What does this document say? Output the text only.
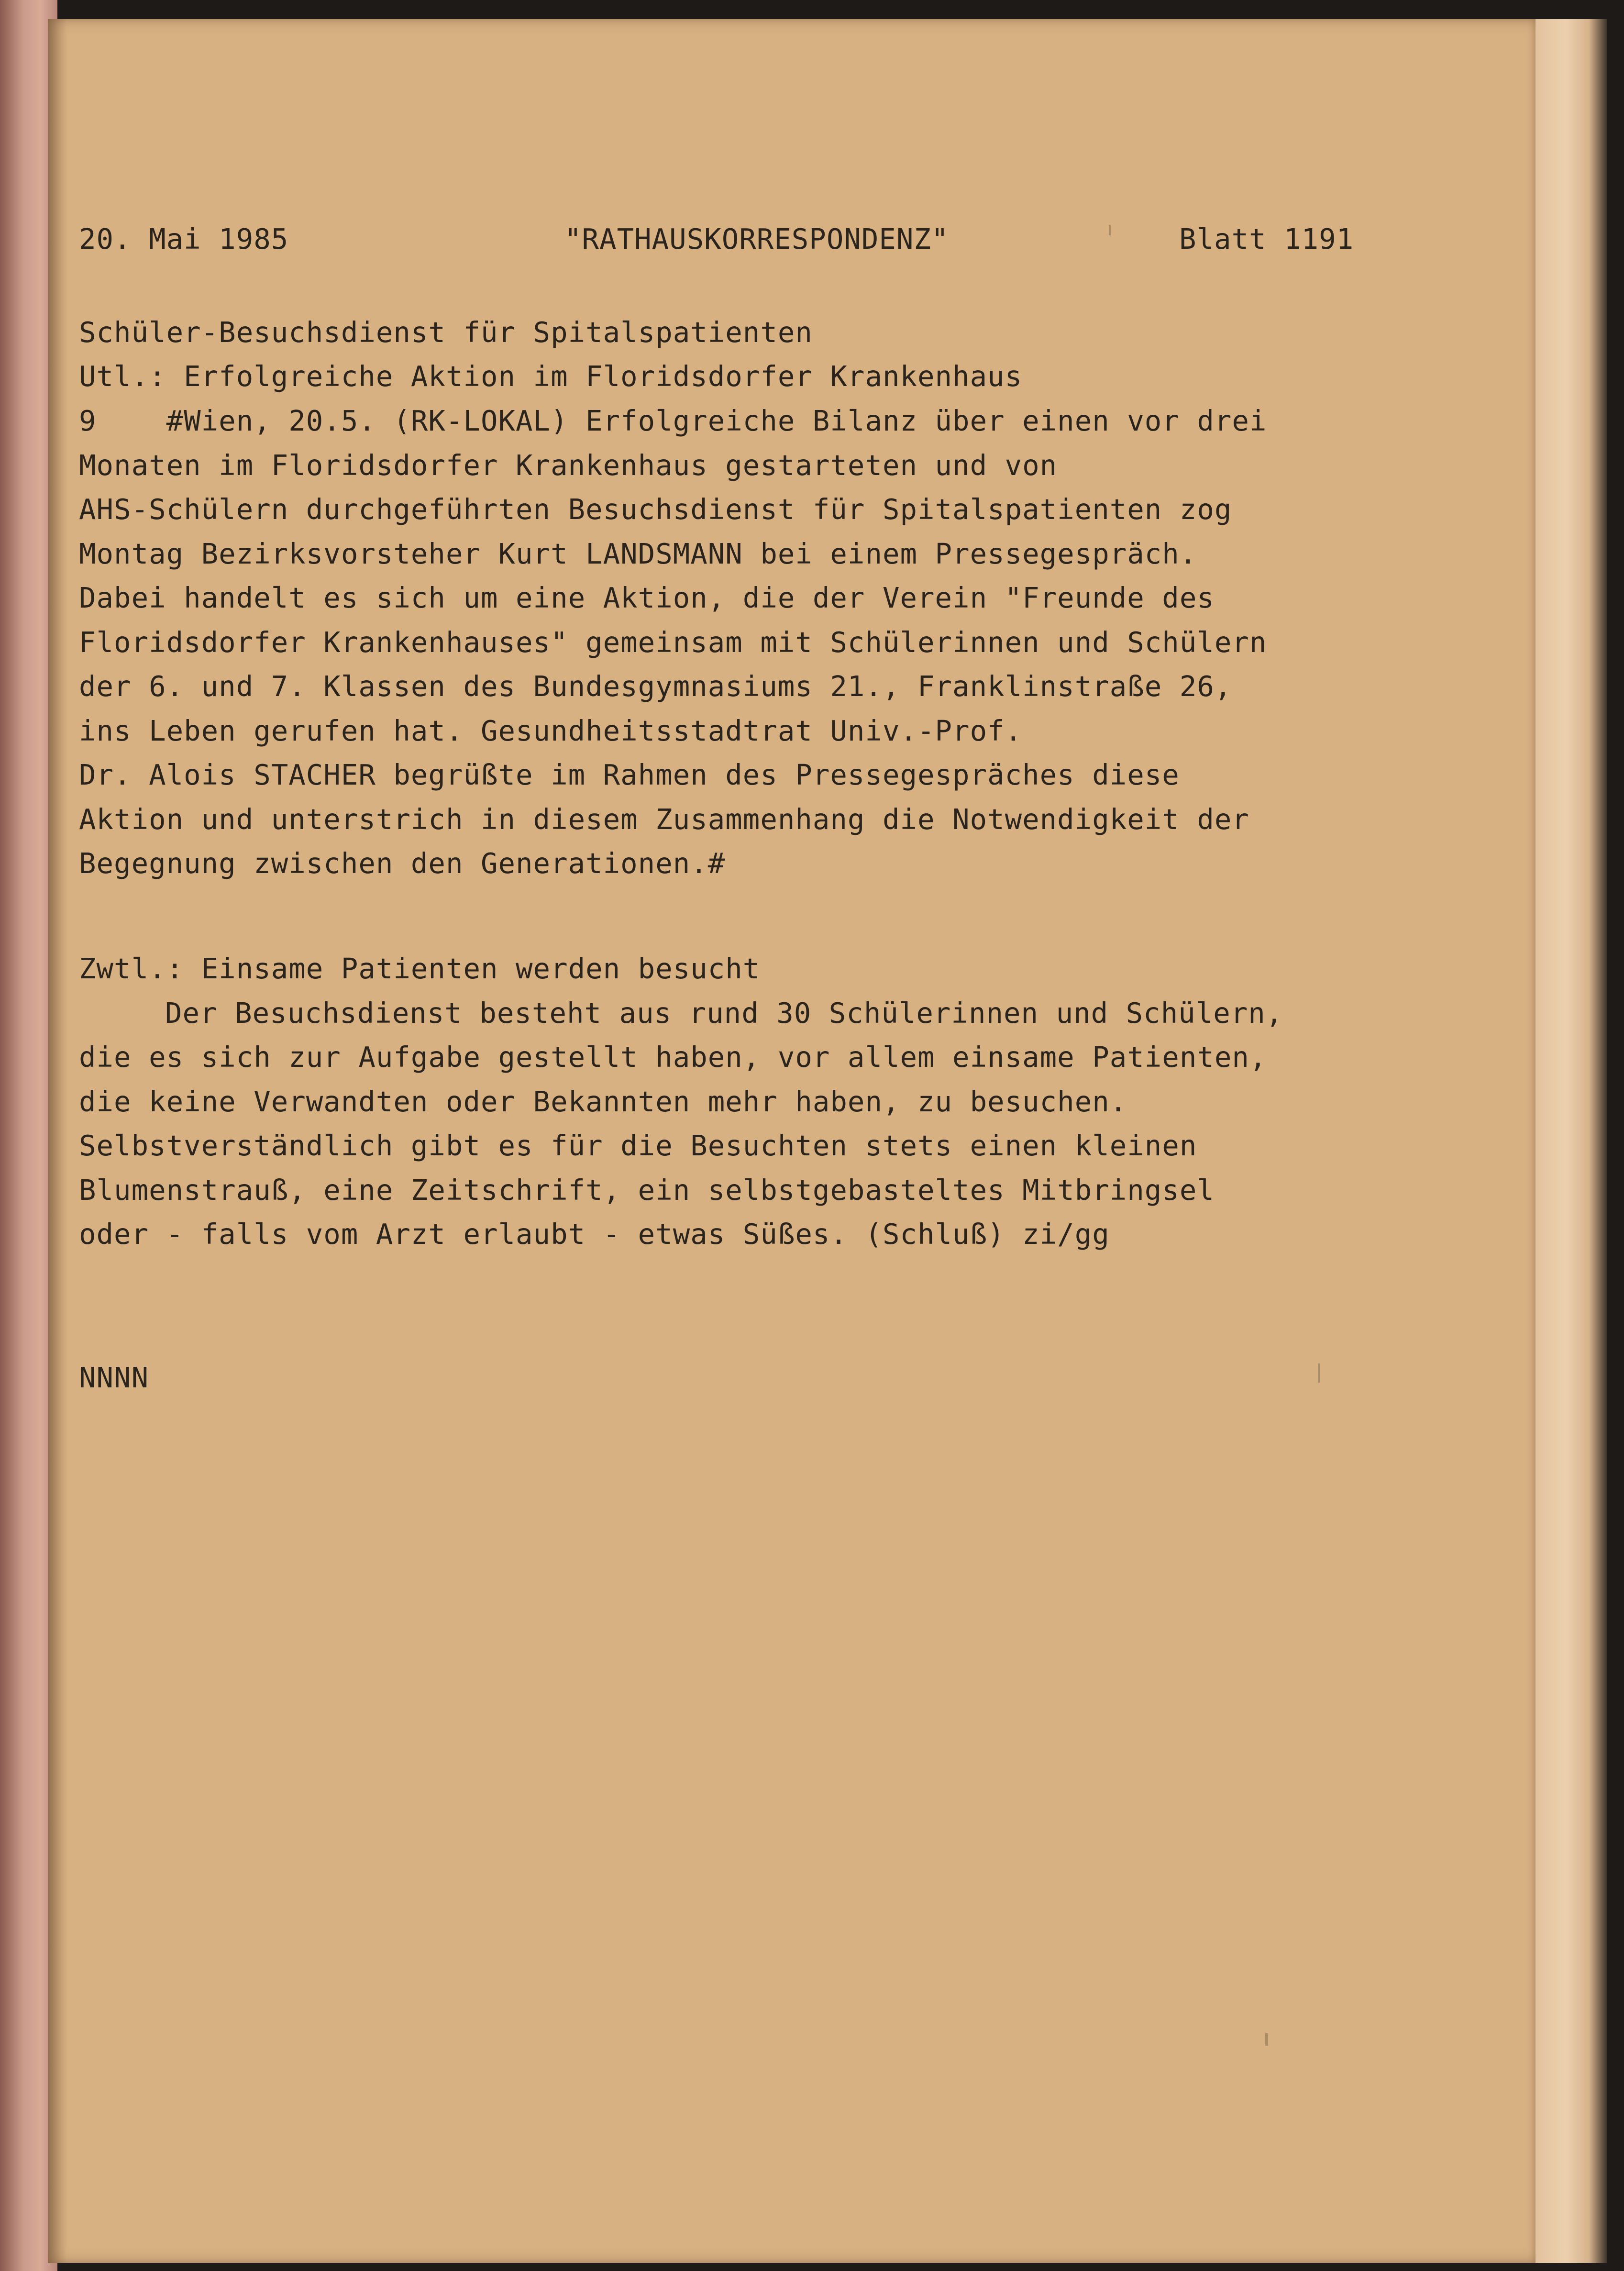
20. Mai 1985	"RATHAUSKORRESPONDENZ"	Blatt 1191
Schüler-Besuchsdienst für Spitalspatienten
Utl.: Erfolgreiche Aktion im Floridsdorfer Krankenhaus
9    #Wien, 20.5. (RK-LOKAL) Erfolgreiche Bilanz über einen vor drei
Monaten im Floridsdorfer Krankenhaus gestarteten und von
AHS-Schülern durchgeführten Besuchsdienst für Spitalspatienten zog
Montag Bezirksvorsteher Kurt LANDSMANN bei einem Pressegespräch.
Dabei handelt es sich um eine Aktion, die der Verein "Freunde des
Floridsdorfer Krankenhauses" gemeinsam mit Schülerinnen und Schülern
der 6. und 7. Klassen des Bundesgymnasiums 21., Franklinstraße 26,
ins Leben gerufen hat. Gesundheitsstadtrat Univ.-Prof.
Dr. Alois STACHER begrüßte im Rahmen des Pressegespräches diese
Aktion und unterstrich in diesem Zusammenhang die Notwendigkeit der
Begegnung zwischen den Generationen.#
Zwtl.: Einsame Patienten werden besucht
Der Besuchsdienst besteht aus rund 30 Schülerinnen und Schülern,
die es sich zur Aufgabe gestellt haben, vor allem einsame Patienten,
die keine Verwandten oder Bekannten mehr haben, zu besuchen.
Selbstverständlich gibt es für die Besuchten stets einen kleinen
Blumenstrauß, eine Zeitschrift, ein selbstgebasteltes Mitbringsel
oder - falls vom Arzt erlaubt - etwas Süßes. (Schluß) zi/gg
NNNN
